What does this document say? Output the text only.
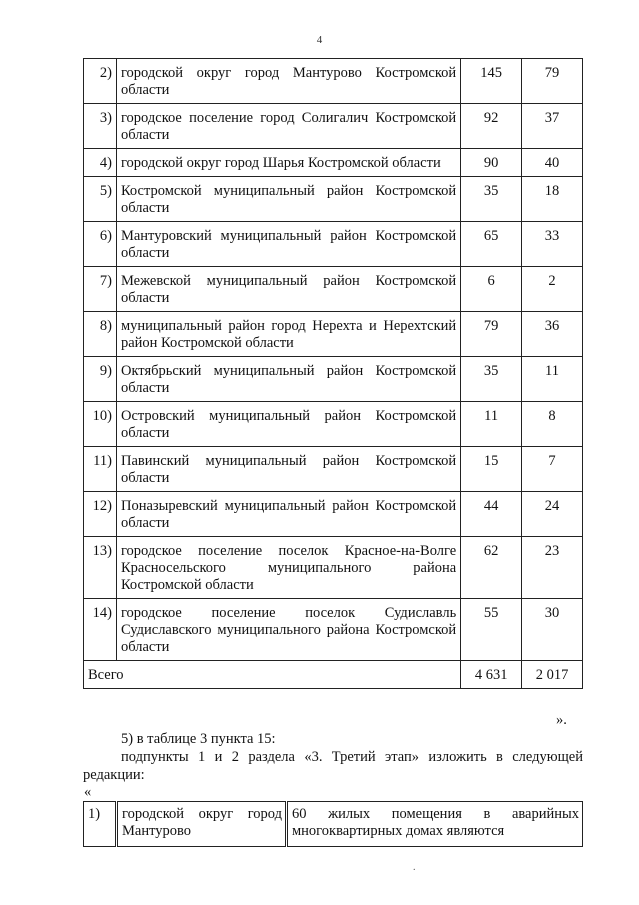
4
2)	городской округ город Мантурово Костромской области	145	79
3)	городское поселение город Солигалич Костромской области	92	37
4)	городской округ город Шарья Костромской области	90	40
5)	Костромской муниципальный район Костромской области	35	18
6)	Мантуровский муниципальный район Костромской области	65	33
7)	Межевской муниципальный район Костромской области	6	2
8)	муниципальный район город Нерехта и Нерехтский район Костромской области	79	36
9)	Октябрьский муниципальный район Костромской области	35	11
10)	Островский муниципальный район Костромской области	11	8
11)	Павинский муниципальный район Костромской области	15	7
12)	Поназыревский муниципальный район Костромской области	44	24
13)	городское поселение поселок Красное-на-Волге Красносельского муниципального района Костромской области	62	23
14)	городское поселение поселок Судиславль Судиславского муниципального района Костромской области	55	30
Всего		4 631	2 017
».
5) в таблице 3 пункта 15:
подпункты 1 и 2 раздела «3. Третий этап» изложить в следующей
редакции:
«
1)	городской округ город Мантурово	60 жилых помещения в аварийных многоквартирных домах являются
.
